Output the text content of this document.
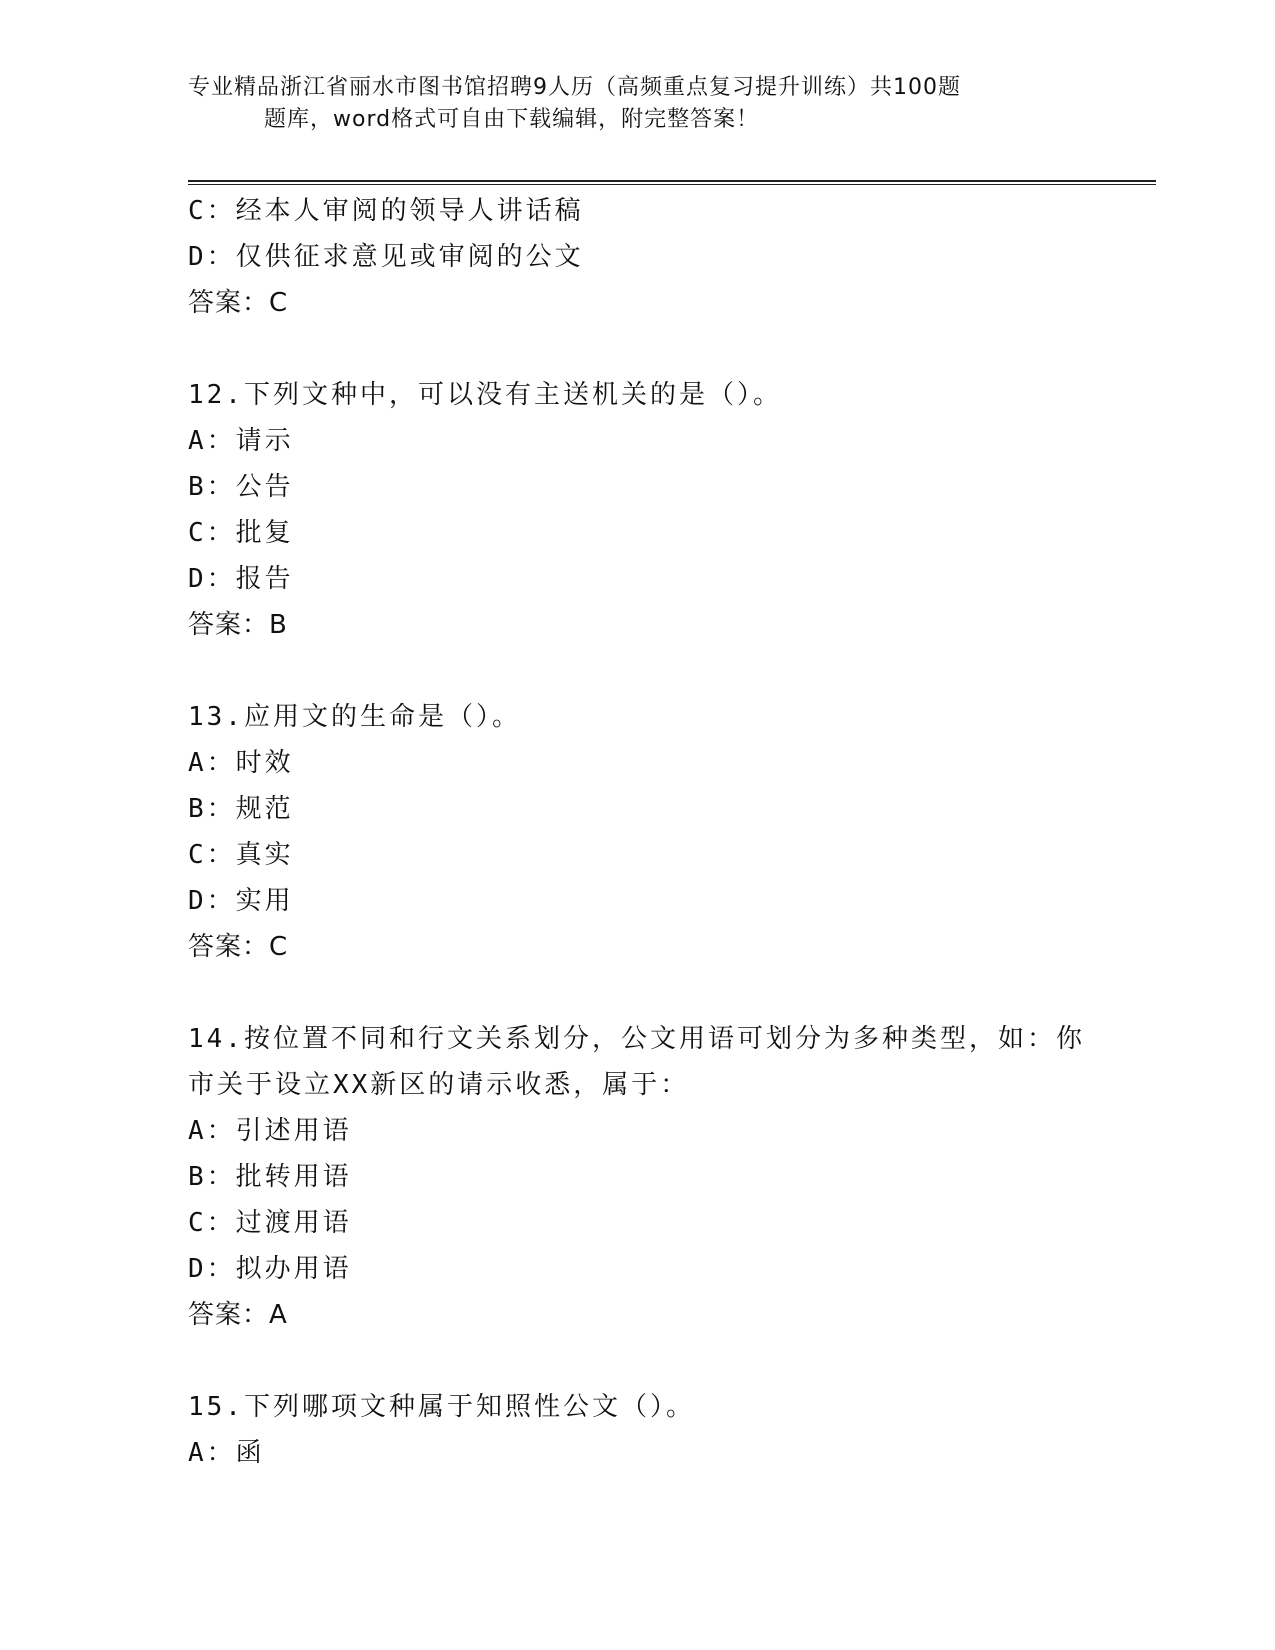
专业精品浙江省丽水市图书馆招聘9人历（高频重点复习提升训练）共100题
题库，word格式可自由下载编辑，附完整答案！
C：经本人审阅的领导人讲话稿
D：仅供征求意见或审阅的公文
答案：C
12.下列文种中，可以没有主送机关的是（）。
A：请示
B：公告
C：批复
D：报告
答案：B
13.应用文的生命是（）。
A：时效
B：规范
C：真实
D：实用
答案：C
14.按位置不同和行文关系划分，公文用语可划分为多种类型，如：你
市关于设立XX新区的请示收悉，属于：
A：引述用语
B：批转用语
C：过渡用语
D：拟办用语
答案：A
15.下列哪项文种属于知照性公文（）。
A：函
